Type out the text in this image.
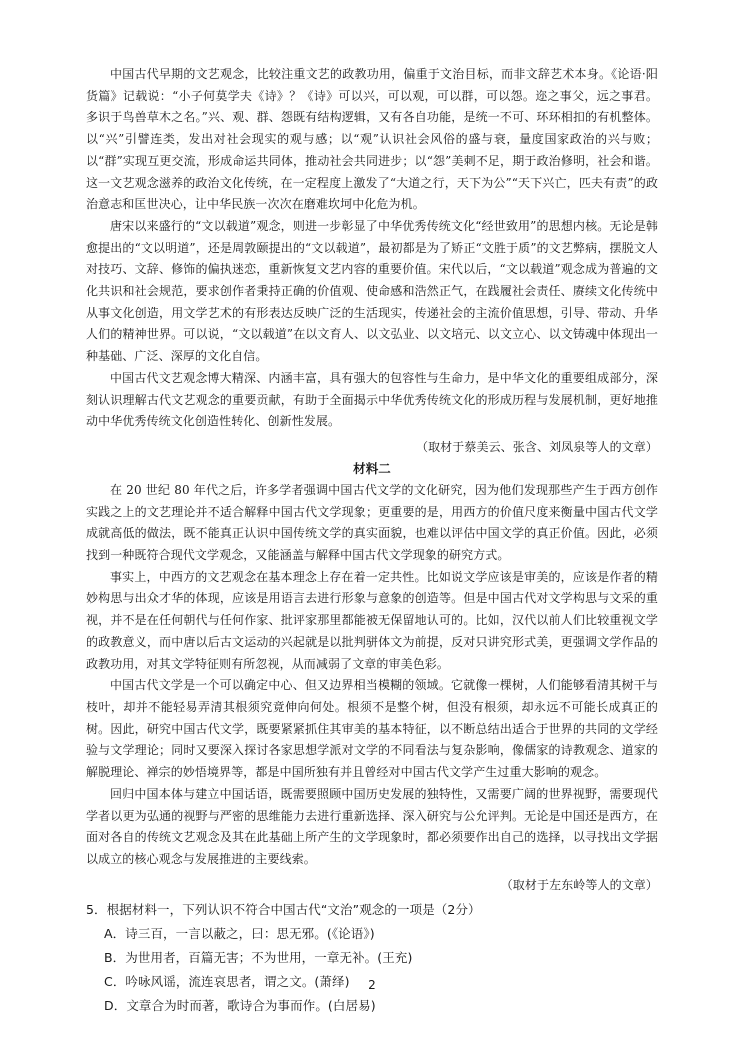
中国古代早期的文艺观念，比较注重文艺的政教功用，偏重于文治目标，而非文辞艺术本身。《论语·阳货篇》记载说：“小子何莫学夫《诗》？《诗》可以兴，可以观，可以群，可以怨。迩之事父，远之事君。多识于鸟兽草木之名。”兴、观、群、怨既有结构逻辑，又有各自功能，是统一不可、环环相扣的有机整体。以“兴”引譬连类，发出对社会现实的观与感；以“观”认识社会风俗的盛与衰，量度国家政治的兴与败；以“群”实现互更交流，形成命运共同体，推动社会共同进步；以“怨”美刺不足，期于政治修明，社会和谐。这一文艺观念滋养的政治文化传统，在一定程度上激发了“大道之行，天下为公”“天下兴亡，匹夫有责”的政治意志和匡世决心，让中华民族一次次在磨难坎坷中化危为机。

唐宋以来盛行的“文以载道”观念，则进一步彰显了中华优秀传统文化“经世致用”的思想内核。无论是韩愈提出的“文以明道”，还是周敦颐提出的“文以载道”，最初都是为了矫正“文胜于质”的文艺弊病，摆脱文人对技巧、文辞、修饰的偏执迷恋，重新恢复文艺内容的重要价值。宋代以后，“文以载道”观念成为普遍的文化共识和社会规范，要求创作者秉持正确的价值观、使命感和浩然正气，在践履社会责任、赓续文化传统中从事文化创造，用文学艺术的有形表达反映广泛的生活现实，传递社会的主流价值思想，引导、带动、升华人们的精神世界。可以说，“文以载道”在以文育人、以文弘业、以文培元、以文立心、以文铸魂中体现出一种基础、广泛、深厚的文化自信。

中国古代文艺观念博大精深、内涵丰富，具有强大的包容性与生命力，是中华文化的重要组成部分，深刻认识理解古代文艺观念的重要贡献，有助于全面揭示中华优秀传统文化的形成历程与发展机制，更好地推动中华优秀传统文化创造性转化、创新性发展。

（取材于蔡美云、张含、刘凤泉等人的文章）

材料二

在 20 世纪 80 年代之后，许多学者强调中国古代文学的文化研究，因为他们发现那些产生于西方创作实践之上的文艺理论并不适合解释中国古代文学现象；更重要的是，用西方的价值尺度来衡量中国古代文学成就高低的做法，既不能真正认识中国传统文学的真实面貌，也难以评估中国文学的真正价值。因此，必须找到一种既符合现代文学观念，又能涵盖与解释中国古代文学现象的研究方式。

事实上，中西方的文艺观念在基本理念上存在着一定共性。比如说文学应该是审美的，应该是作者的精妙构思与出众才华的体现，应该是用语言去进行形象与意象的创造等。但是中国古代对文学构思与文采的重视，并不是在任何朝代与任何作家、批评家那里都能被无保留地认可的。比如，汉代以前人们比较重视文学的政教意义，而中唐以后古文运动的兴起就是以批判骈体文为前提，反对只讲究形式美，更强调文学作品的政教功用，对其文学特征则有所忽视，从而减弱了文章的审美色彩。

中国古代文学是一个可以确定中心、但又边界相当模糊的领域。它就像一棵树，人们能够看清其树干与枝叶，却并不能轻易弄清其根须究竟伸向何处。根须不是整个树，但没有根须，却永远不可能长成真正的树。因此，研究中国古代文学，既要紧紧抓住其审美的基本特征，以不断总结出适合于世界的共同的文学经验与文学理论；同时又要深入探讨各家思想学派对文学的不同看法与复杂影响，像儒家的诗教观念、道家的解脱理论、禅宗的妙悟境界等，都是中国所独有并且曾经对中国古代文学产生过重大影响的观念。

回归中国本体与建立中国话语，既需要照顾中国历史发展的独特性，又需要广阔的世界视野，需要现代学者以更为弘通的视野与严密的思维能力去进行重新选择、深入研究与公允评判。无论是中国还是西方，在面对各自的传统文艺观念及其在此基础上所产生的文学现象时，都必须要作出自己的选择，以寻找出文学据以成立的核心观念与发展推进的主要线索。

（取材于左东岭等人的文章）

5．根据材料一，下列认识不符合中国古代“文治”观念的一项是（2分）

A．诗三百，一言以蔽之，曰：思无邪。(《论语》)

B．为世用者，百篇无害；不为世用，一章无补。(王充)

C．吟咏风谣，流连哀思者，谓之文。(萧绎)

D．文章合为时而著，歌诗合为事而作。(白居易)

2
